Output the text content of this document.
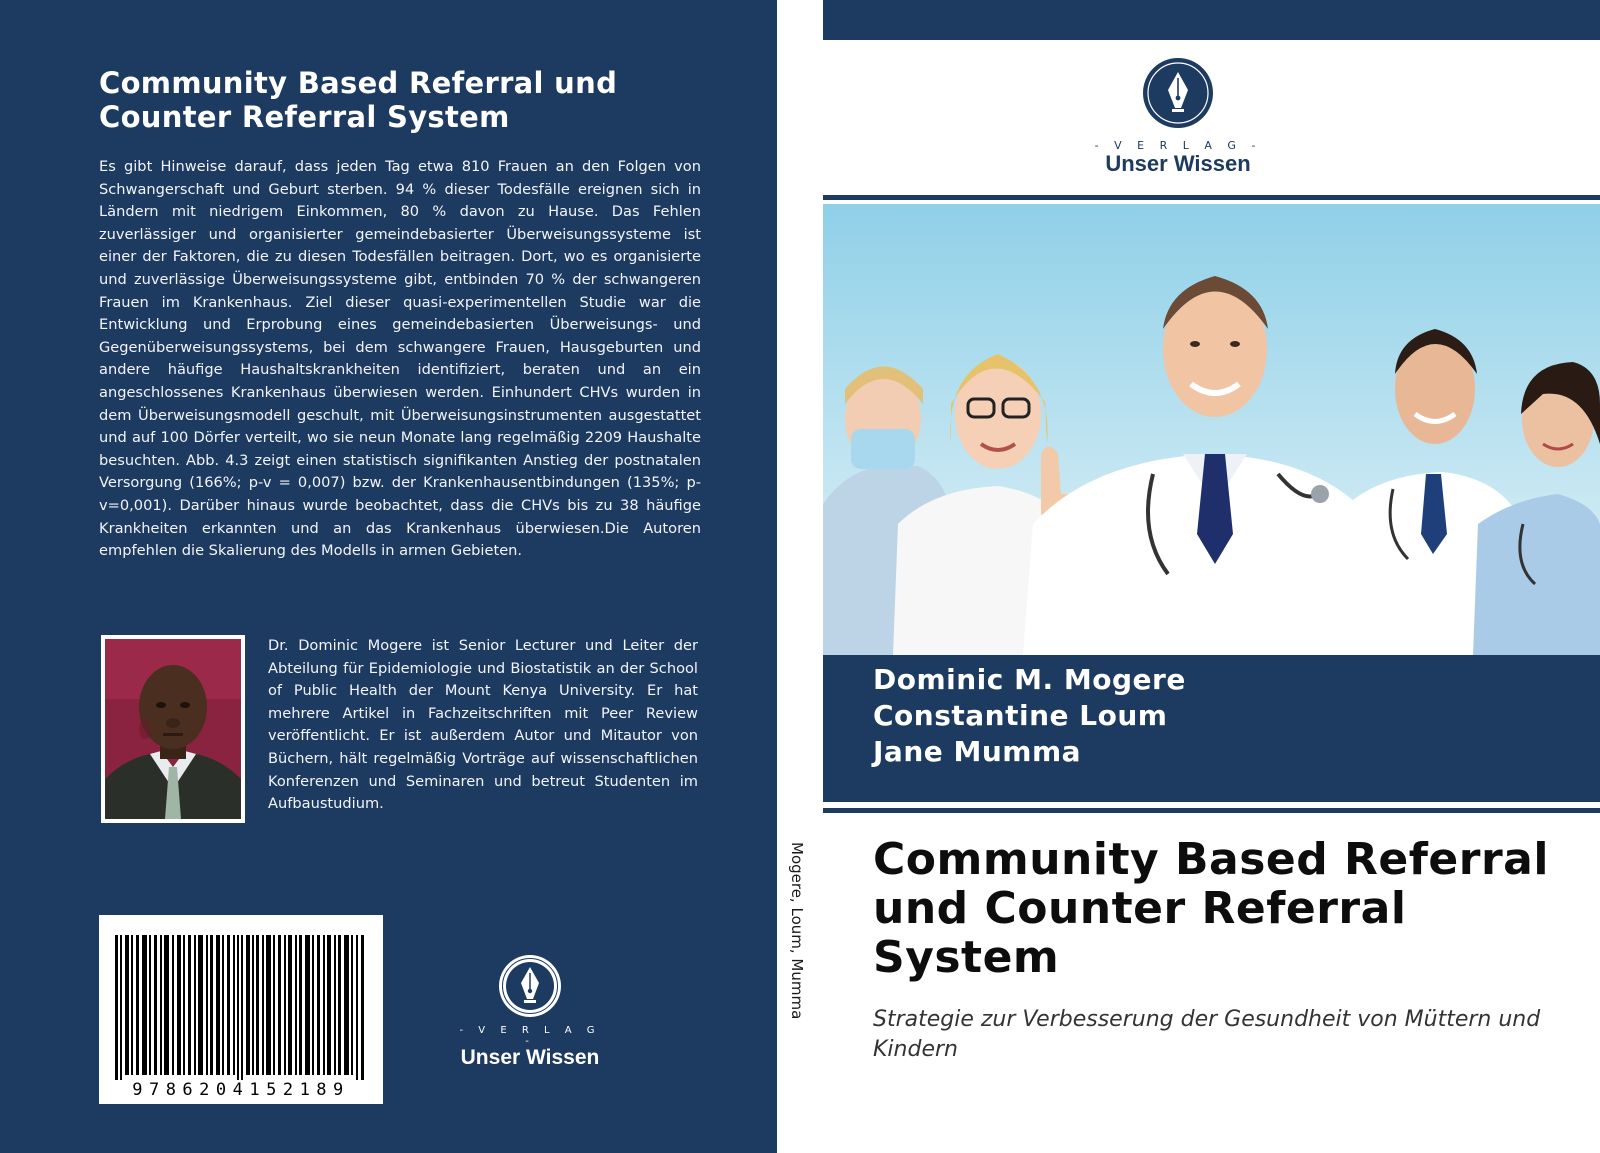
Community Based Referral und Counter Referral System
Es gibt Hinweise darauf, dass jeden Tag etwa 810 Frauen an den Folgen von Schwangerschaft und Geburt sterben. 94 % dieser Todesfälle ereignen sich in Ländern mit niedrigem Einkommen, 80 % davon zu Hause. Das Fehlen zuverlässiger und organisierter gemeindebasierter Überweisungssysteme ist einer der Faktoren, die zu diesen Todesfällen beitragen. Dort, wo es organisierte und zuverlässige Überweisungssysteme gibt, entbinden 70 % der schwangeren Frauen im Krankenhaus. Ziel dieser quasi-experimentellen Studie war die Entwicklung und Erprobung eines gemeindebasierten Überweisungs- und Gegenüberweisungssystems, bei dem schwangere Frauen, Hausgeburten und andere häufige Haushaltskrankheiten identifiziert, beraten und an ein angeschlossenes Krankenhaus überwiesen werden. Einhundert CHVs wurden in dem Überweisungsmodell geschult, mit Überweisungsinstrumenten ausgestattet und auf 100 Dörfer verteilt, wo sie neun Monate lang regelmäßig 2209 Haushalte besuchten. Abb. 4.3 zeigt einen statistisch signifikanten Anstieg der postnatalen Versorgung (166%; p-v = 0,007) bzw. der Krankenhausentbindungen (135%; p-v=0,001). Darüber hinaus wurde beobachtet, dass die CHVs bis zu 38 häufige Krankheiten erkannten und an das Krankenhaus überwiesen.Die Autoren empfehlen die Skalierung des Modells in armen Gebieten.
Dr. Dominic Mogere ist Senior Lecturer und Leiter der Abteilung für Epidemiologie und Biostatistik an der School of Public Health der Mount Kenya University. Er hat mehrere Artikel in Fachzeitschriften mit Peer Review veröffentlicht. Er ist außerdem Autor und Mitautor von Büchern, hält regelmäßig Vorträge auf wissenschaftlichen Konferenzen und Seminaren und betreut Studenten im Aufbaustudium.
9786204152189
- V E R L A G -
Unser Wissen
Mogere, Loum, Mumma
- V E R L A G -
Unser Wissen
Dominic M. Mogere
Constantine Loum
Jane Mumma
Community Based Referral und Counter Referral System
Strategie zur Verbesserung der Gesundheit von Müttern und Kindern
